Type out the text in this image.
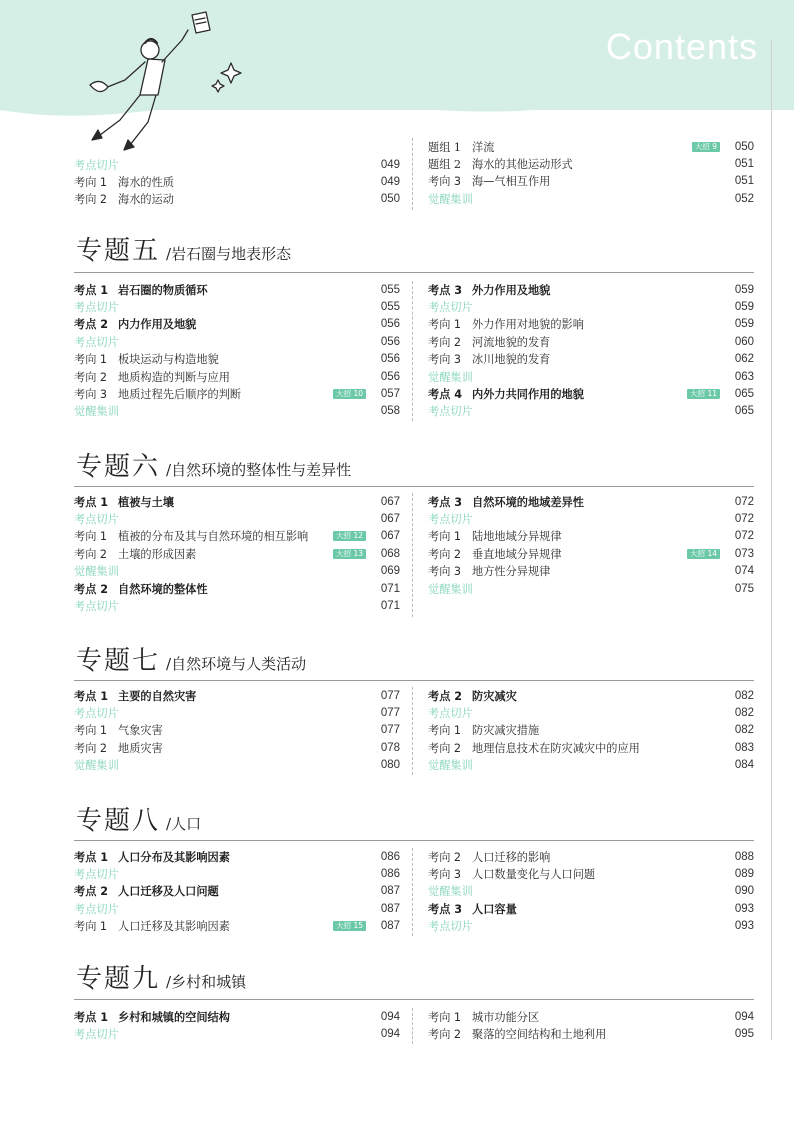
Contents
考点切片	049
考向 1 海水的性质	049
考向 2 海水的运动	050
题组 1 洋流	大招 9	050
题组 2 海水的其他运动形式	051
考向 3 海—气相互作用	051
觉醒集训	052
专题五 /岩石圈与地表形态
考点 1 岩石圈的物质循环	055
考点切片	055
考点 2 内力作用及地貌	056
考点切片	056
考向 1 板块运动与构造地貌	056
考向 2 地质构造的判断与应用	056
考向 3 地质过程先后顺序的判断	大招 10	057
觉醒集训	058
考点 3 外力作用及地貌	059
考点切片	059
考向 1 外力作用对地貌的影响	059
考向 2 河流地貌的发育	060
考向 3 冰川地貌的发育	062
觉醒集训	063
考点 4 内外力共同作用的地貌	大招 11	065
考点切片	065
专题六 /自然环境的整体性与差异性
考点 1 植被与土壤	067
考点切片	067
考向 1 植被的分布及其与自然环境的相互影响	大招 12	067
考向 2 土壤的形成因素	大招 13	068
觉醒集训	069
考点 2 自然环境的整体性	071
考点切片	071
考点 3 自然环境的地域差异性	072
考点切片	072
考向 1 陆地地域分异规律	072
考向 2 垂直地域分异规律	大招 14	073
考向 3 地方性分异规律	074
觉醒集训	075
专题七 /自然环境与人类活动
考点 1 主要的自然灾害	077
考点切片	077
考向 1 气象灾害	077
考向 2 地质灾害	078
觉醒集训	080
考点 2 防灾减灾	082
考点切片	082
考向 1 防灾减灾措施	082
考向 2 地理信息技术在防灾减灾中的应用	083
觉醒集训	084
专题八 /人口
考点 1 人口分布及其影响因素	086
考点切片	086
考点 2 人口迁移及人口问题	087
考点切片	087
考向 1 人口迁移及其影响因素	大招 15	087
考向 2 人口迁移的影响	088
考向 3 人口数量变化与人口问题	089
觉醒集训	090
考点 3 人口容量	093
考点切片	093
专题九 /乡村和城镇
考点 1 乡村和城镇的空间结构	094
考点切片	094
考向 1 城市功能分区	094
考向 2 聚落的空间结构和土地利用	095
